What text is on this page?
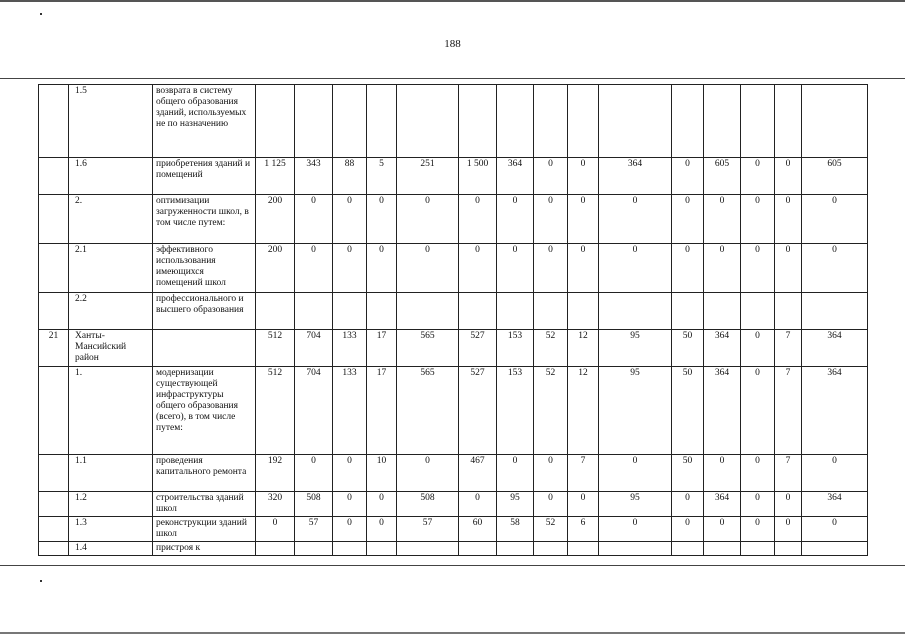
188
	1.5	возврата в систему общего образования зданий, используемых не по назначению															
	1.6	приобретения зданий и помещений	1 125	343	88	5	251	1 500	364	0	0	364	0	605	0	0	605
	2.	оптимизации загруженности школ, в том числе путем:	200	0	0	0	0	0	0	0	0	0	0	0	0	0	0
	2.1	эффективного использования имеющихся помещений школ	200	0	0	0	0	0	0	0	0	0	0	0	0	0	0
	2.2	профессионального и высшего образования															
21	Ханты-Мансийский район		512	704	133	17	565	527	153	52	12	95	50	364	0	7	364
	1.	модернизации существующей инфраструктуры общего образования (всего), в том числе путем:	512	704	133	17	565	527	153	52	12	95	50	364	0	7	364
	1.1	проведения капитального ремонта	192	0	0	10	0	467	0	0	7	0	50	0	0	7	0
	1.2	строительства зданий школ	320	508	0	0	508	0	95	0	0	95	0	364	0	0	364
	1.3	реконструкции зданий школ	0	57	0	0	57	60	58	52	6	0	0	0	0	0	0
	1.4	пристроя к															
